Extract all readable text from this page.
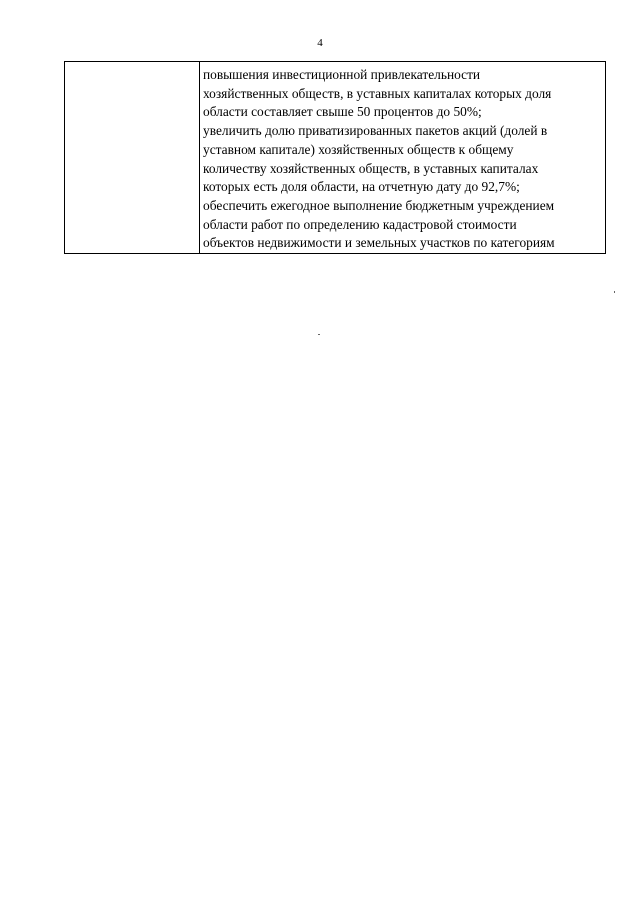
4

повышения инвестиционной привлекательности
хозяйственных обществ, в уставных капиталах которых доля
области составляет свыше 50 процентов до 50%;
увеличить долю приватизированных пакетов акций (долей в
уставном капитале) хозяйственных обществ к общему
количеству хозяйственных обществ, в уставных капиталах
которых есть доля области, на отчетную дату до 92,7%;
обеспечить ежегодное выполнение бюджетным учреждением
области работ по определению кадастровой стоимости
объектов недвижимости и земельных участков по категориям
